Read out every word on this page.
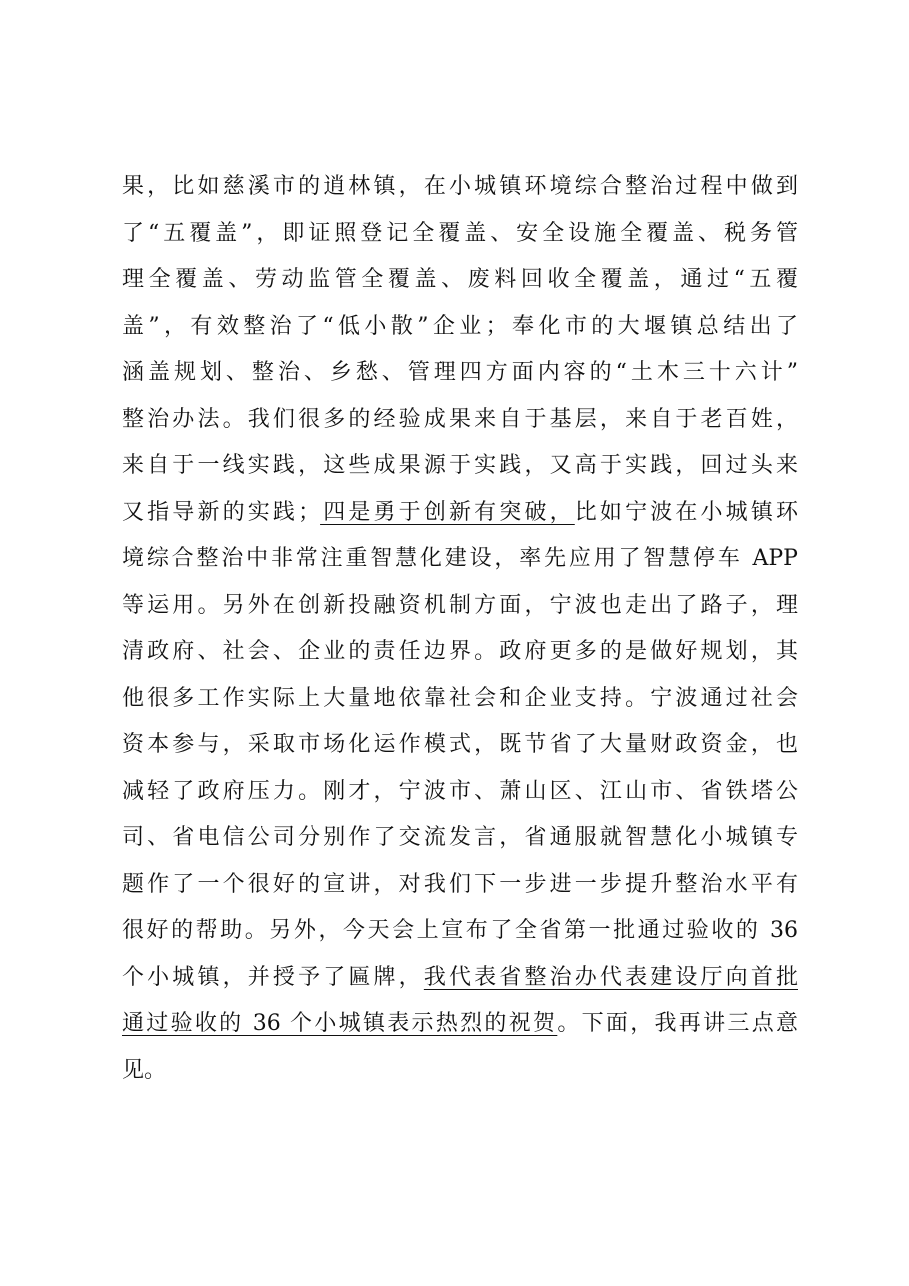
果，比如慈溪市的逍林镇，在小城镇环境综合整治过程中做到
了“五覆盖”，即证照登记全覆盖、安全设施全覆盖、税务管
理全覆盖、劳动监管全覆盖、废料回收全覆盖，通过“五覆
盖”，有效整治了“低小散”企业；奉化市的大堰镇总结出了
涵盖规划、整治、乡愁、管理四方面内容的“土木三十六计”
整治办法。我们很多的经验成果来自于基层，来自于老百姓，
来自于一线实践，这些成果源于实践，又高于实践，回过头来
又指导新的实践；四是勇于创新有突破，比如宁波在小城镇环
境综合整治中非常注重智慧化建设，率先应用了智慧停车 APP
等运用。另外在创新投融资机制方面，宁波也走出了路子，理
清政府、社会、企业的责任边界。政府更多的是做好规划，其
他很多工作实际上大量地依靠社会和企业支持。宁波通过社会
资本参与，采取市场化运作模式，既节省了大量财政资金，也
减轻了政府压力。刚才，宁波市、萧山区、江山市、省铁塔公
司、省电信公司分别作了交流发言，省通服就智慧化小城镇专
题作了一个很好的宣讲，对我们下一步进一步提升整治水平有
很好的帮助。另外，今天会上宣布了全省第一批通过验收的 36
个小城镇，并授予了匾牌，我代表省整治办代表建设厅向首批
通过验收的 36 个小城镇表示热烈的祝贺。下面，我再讲三点意
见。
